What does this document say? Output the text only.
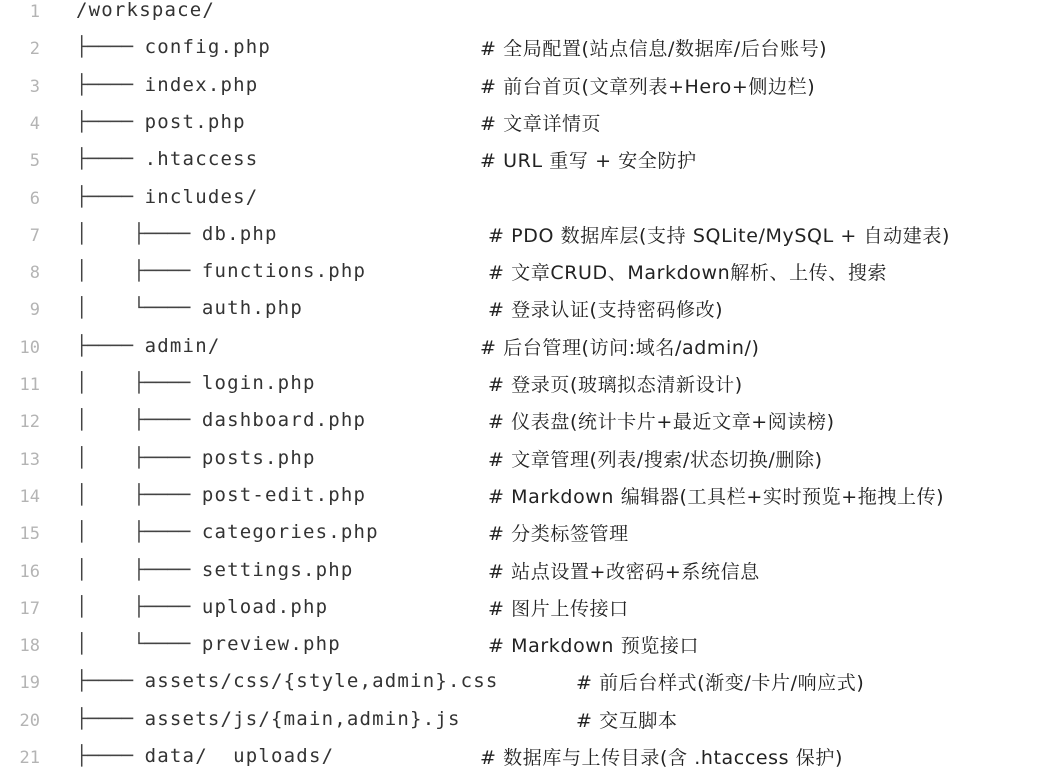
1 /workspace/
2 ├──── config.php	# 全局配置(站点信息/数据库/后台账号)
3 ├──── index.php	# 前台首页(文章列表+Hero+侧边栏)
4 ├──── post.php	# 文章详情页
5 ├──── .htaccess	# URL 重写 + 安全防护
6 ├──── includes/
7 │    ├──── db.php	# PDO 数据库层(支持 SQLite/MySQL + 自动建表)
8 │    ├──── functions.php	# 文章CRUD、Markdown解析、上传、搜索
9 │    └──── auth.php	# 登录认证(支持密码修改)
10 ├──── admin/	# 后台管理(访问:域名/admin/)
11 │    ├──── login.php	# 登录页(玻璃拟态清新设计)
12 │    ├──── dashboard.php	# 仪表盘(统计卡片+最近文章+阅读榜)
13 │    ├──── posts.php	# 文章管理(列表/搜索/状态切换/删除)
14 │    ├──── post-edit.php	# Markdown 编辑器(工具栏+实时预览+拖拽上传)
15 │    ├──── categories.php	# 分类标签管理
16 │    ├──── settings.php	# 站点设置+改密码+系统信息
17 │    ├──── upload.php	# 图片上传接口
18 │    └──── preview.php	# Markdown 预览接口
19 ├──── assets/css/{style,admin}.css	# 前后台样式(渐变/卡片/响应式)
20 ├──── assets/js/{main,admin}.js	# 交互脚本
21 ├──── data/  uploads/	# 数据库与上传目录(含 .htaccess 保护)
